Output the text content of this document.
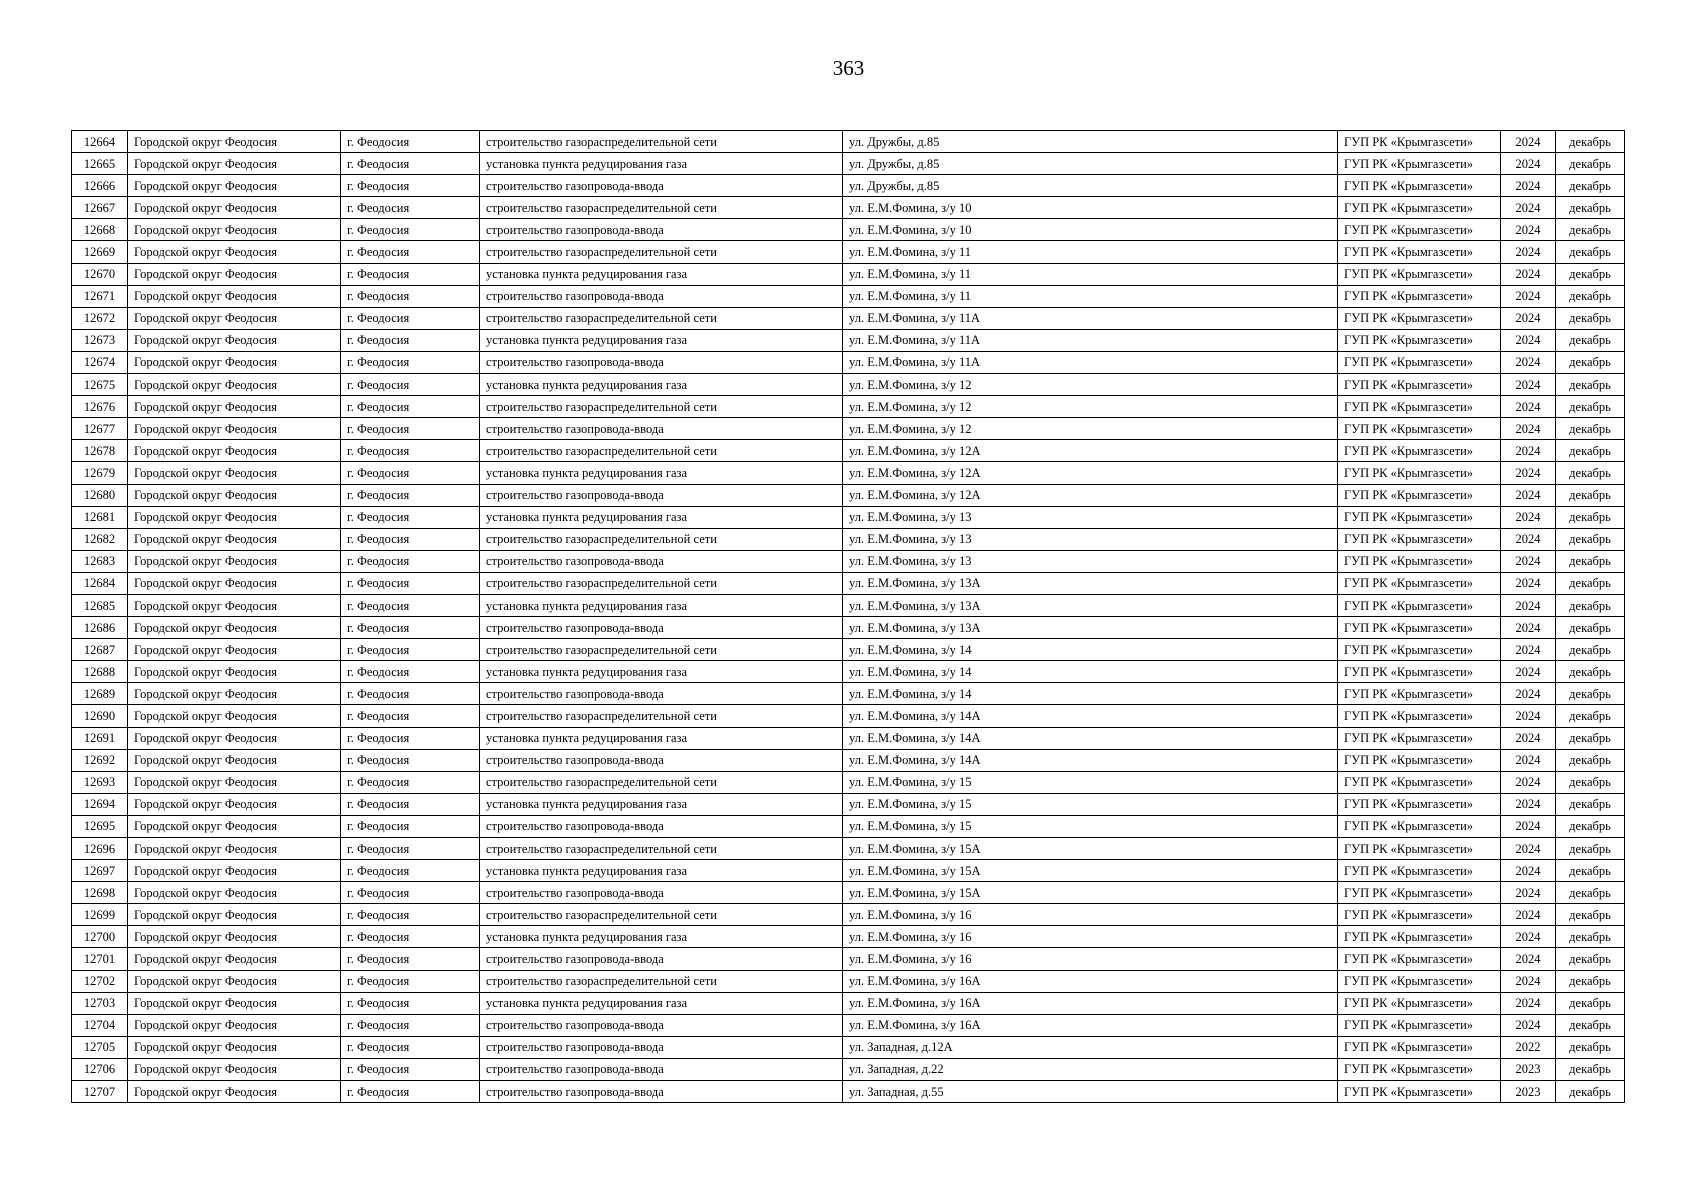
363
12664	Городской округ Феодосия	г. Феодосия	строительство газораспределительной сети	ул. Дружбы, д.85	ГУП РК «Крымгазсети»	2024	декабрь
12665	Городской округ Феодосия	г. Феодосия	установка пункта редуцирования газа	ул. Дружбы, д.85	ГУП РК «Крымгазсети»	2024	декабрь
12666	Городской округ Феодосия	г. Феодосия	строительство газопровода-ввода	ул. Дружбы, д.85	ГУП РК «Крымгазсети»	2024	декабрь
12667	Городской округ Феодосия	г. Феодосия	строительство газораспределительной сети	ул. Е.М.Фомина, з/у 10	ГУП РК «Крымгазсети»	2024	декабрь
12668	Городской округ Феодосия	г. Феодосия	строительство газопровода-ввода	ул. Е.М.Фомина, з/у 10	ГУП РК «Крымгазсети»	2024	декабрь
12669	Городской округ Феодосия	г. Феодосия	строительство газораспределительной сети	ул. Е.М.Фомина, з/у 11	ГУП РК «Крымгазсети»	2024	декабрь
12670	Городской округ Феодосия	г. Феодосия	установка пункта редуцирования газа	ул. Е.М.Фомина, з/у 11	ГУП РК «Крымгазсети»	2024	декабрь
12671	Городской округ Феодосия	г. Феодосия	строительство газопровода-ввода	ул. Е.М.Фомина, з/у 11	ГУП РК «Крымгазсети»	2024	декабрь
12672	Городской округ Феодосия	г. Феодосия	строительство газораспределительной сети	ул. Е.М.Фомина, з/у 11А	ГУП РК «Крымгазсети»	2024	декабрь
12673	Городской округ Феодосия	г. Феодосия	установка пункта редуцирования газа	ул. Е.М.Фомина, з/у 11А	ГУП РК «Крымгазсети»	2024	декабрь
12674	Городской округ Феодосия	г. Феодосия	строительство газопровода-ввода	ул. Е.М.Фомина, з/у 11А	ГУП РК «Крымгазсети»	2024	декабрь
12675	Городской округ Феодосия	г. Феодосия	установка пункта редуцирования газа	ул. Е.М.Фомина, з/у 12	ГУП РК «Крымгазсети»	2024	декабрь
12676	Городской округ Феодосия	г. Феодосия	строительство газораспределительной сети	ул. Е.М.Фомина, з/у 12	ГУП РК «Крымгазсети»	2024	декабрь
12677	Городской округ Феодосия	г. Феодосия	строительство газопровода-ввода	ул. Е.М.Фомина, з/у 12	ГУП РК «Крымгазсети»	2024	декабрь
12678	Городской округ Феодосия	г. Феодосия	строительство газораспределительной сети	ул. Е.М.Фомина, з/у 12А	ГУП РК «Крымгазсети»	2024	декабрь
12679	Городской округ Феодосия	г. Феодосия	установка пункта редуцирования газа	ул. Е.М.Фомина, з/у 12А	ГУП РК «Крымгазсети»	2024	декабрь
12680	Городской округ Феодосия	г. Феодосия	строительство газопровода-ввода	ул. Е.М.Фомина, з/у 12А	ГУП РК «Крымгазсети»	2024	декабрь
12681	Городской округ Феодосия	г. Феодосия	установка пункта редуцирования газа	ул. Е.М.Фомина, з/у 13	ГУП РК «Крымгазсети»	2024	декабрь
12682	Городской округ Феодосия	г. Феодосия	строительство газораспределительной сети	ул. Е.М.Фомина, з/у 13	ГУП РК «Крымгазсети»	2024	декабрь
12683	Городской округ Феодосия	г. Феодосия	строительство газопровода-ввода	ул. Е.М.Фомина, з/у 13	ГУП РК «Крымгазсети»	2024	декабрь
12684	Городской округ Феодосия	г. Феодосия	строительство газораспределительной сети	ул. Е.М.Фомина, з/у 13А	ГУП РК «Крымгазсети»	2024	декабрь
12685	Городской округ Феодосия	г. Феодосия	установка пункта редуцирования газа	ул. Е.М.Фомина, з/у 13А	ГУП РК «Крымгазсети»	2024	декабрь
12686	Городской округ Феодосия	г. Феодосия	строительство газопровода-ввода	ул. Е.М.Фомина, з/у 13А	ГУП РК «Крымгазсети»	2024	декабрь
12687	Городской округ Феодосия	г. Феодосия	строительство газораспределительной сети	ул. Е.М.Фомина, з/у 14	ГУП РК «Крымгазсети»	2024	декабрь
12688	Городской округ Феодосия	г. Феодосия	установка пункта редуцирования газа	ул. Е.М.Фомина, з/у 14	ГУП РК «Крымгазсети»	2024	декабрь
12689	Городской округ Феодосия	г. Феодосия	строительство газопровода-ввода	ул. Е.М.Фомина, з/у 14	ГУП РК «Крымгазсети»	2024	декабрь
12690	Городской округ Феодосия	г. Феодосия	строительство газораспределительной сети	ул. Е.М.Фомина, з/у 14А	ГУП РК «Крымгазсети»	2024	декабрь
12691	Городской округ Феодосия	г. Феодосия	установка пункта редуцирования газа	ул. Е.М.Фомина, з/у 14А	ГУП РК «Крымгазсети»	2024	декабрь
12692	Городской округ Феодосия	г. Феодосия	строительство газопровода-ввода	ул. Е.М.Фомина, з/у 14А	ГУП РК «Крымгазсети»	2024	декабрь
12693	Городской округ Феодосия	г. Феодосия	строительство газораспределительной сети	ул. Е.М.Фомина, з/у 15	ГУП РК «Крымгазсети»	2024	декабрь
12694	Городской округ Феодосия	г. Феодосия	установка пункта редуцирования газа	ул. Е.М.Фомина, з/у 15	ГУП РК «Крымгазсети»	2024	декабрь
12695	Городской округ Феодосия	г. Феодосия	строительство газопровода-ввода	ул. Е.М.Фомина, з/у 15	ГУП РК «Крымгазсети»	2024	декабрь
12696	Городской округ Феодосия	г. Феодосия	строительство газораспределительной сети	ул. Е.М.Фомина, з/у 15А	ГУП РК «Крымгазсети»	2024	декабрь
12697	Городской округ Феодосия	г. Феодосия	установка пункта редуцирования газа	ул. Е.М.Фомина, з/у 15А	ГУП РК «Крымгазсети»	2024	декабрь
12698	Городской округ Феодосия	г. Феодосия	строительство газопровода-ввода	ул. Е.М.Фомина, з/у 15А	ГУП РК «Крымгазсети»	2024	декабрь
12699	Городской округ Феодосия	г. Феодосия	строительство газораспределительной сети	ул. Е.М.Фомина, з/у 16	ГУП РК «Крымгазсети»	2024	декабрь
12700	Городской округ Феодосия	г. Феодосия	установка пункта редуцирования газа	ул. Е.М.Фомина, з/у 16	ГУП РК «Крымгазсети»	2024	декабрь
12701	Городской округ Феодосия	г. Феодосия	строительство газопровода-ввода	ул. Е.М.Фомина, з/у 16	ГУП РК «Крымгазсети»	2024	декабрь
12702	Городской округ Феодосия	г. Феодосия	строительство газораспределительной сети	ул. Е.М.Фомина, з/у 16А	ГУП РК «Крымгазсети»	2024	декабрь
12703	Городской округ Феодосия	г. Феодосия	установка пункта редуцирования газа	ул. Е.М.Фомина, з/у 16А	ГУП РК «Крымгазсети»	2024	декабрь
12704	Городской округ Феодосия	г. Феодосия	строительство газопровода-ввода	ул. Е.М.Фомина, з/у 16А	ГУП РК «Крымгазсети»	2024	декабрь
12705	Городской округ Феодосия	г. Феодосия	строительство газопровода-ввода	ул. Западная, д.12А	ГУП РК «Крымгазсети»	2022	декабрь
12706	Городской округ Феодосия	г. Феодосия	строительство газопровода-ввода	ул. Западная, д.22	ГУП РК «Крымгазсети»	2023	декабрь
12707	Городской округ Феодосия	г. Феодосия	строительство газопровода-ввода	ул. Западная, д.55	ГУП РК «Крымгазсети»	2023	декабрь
